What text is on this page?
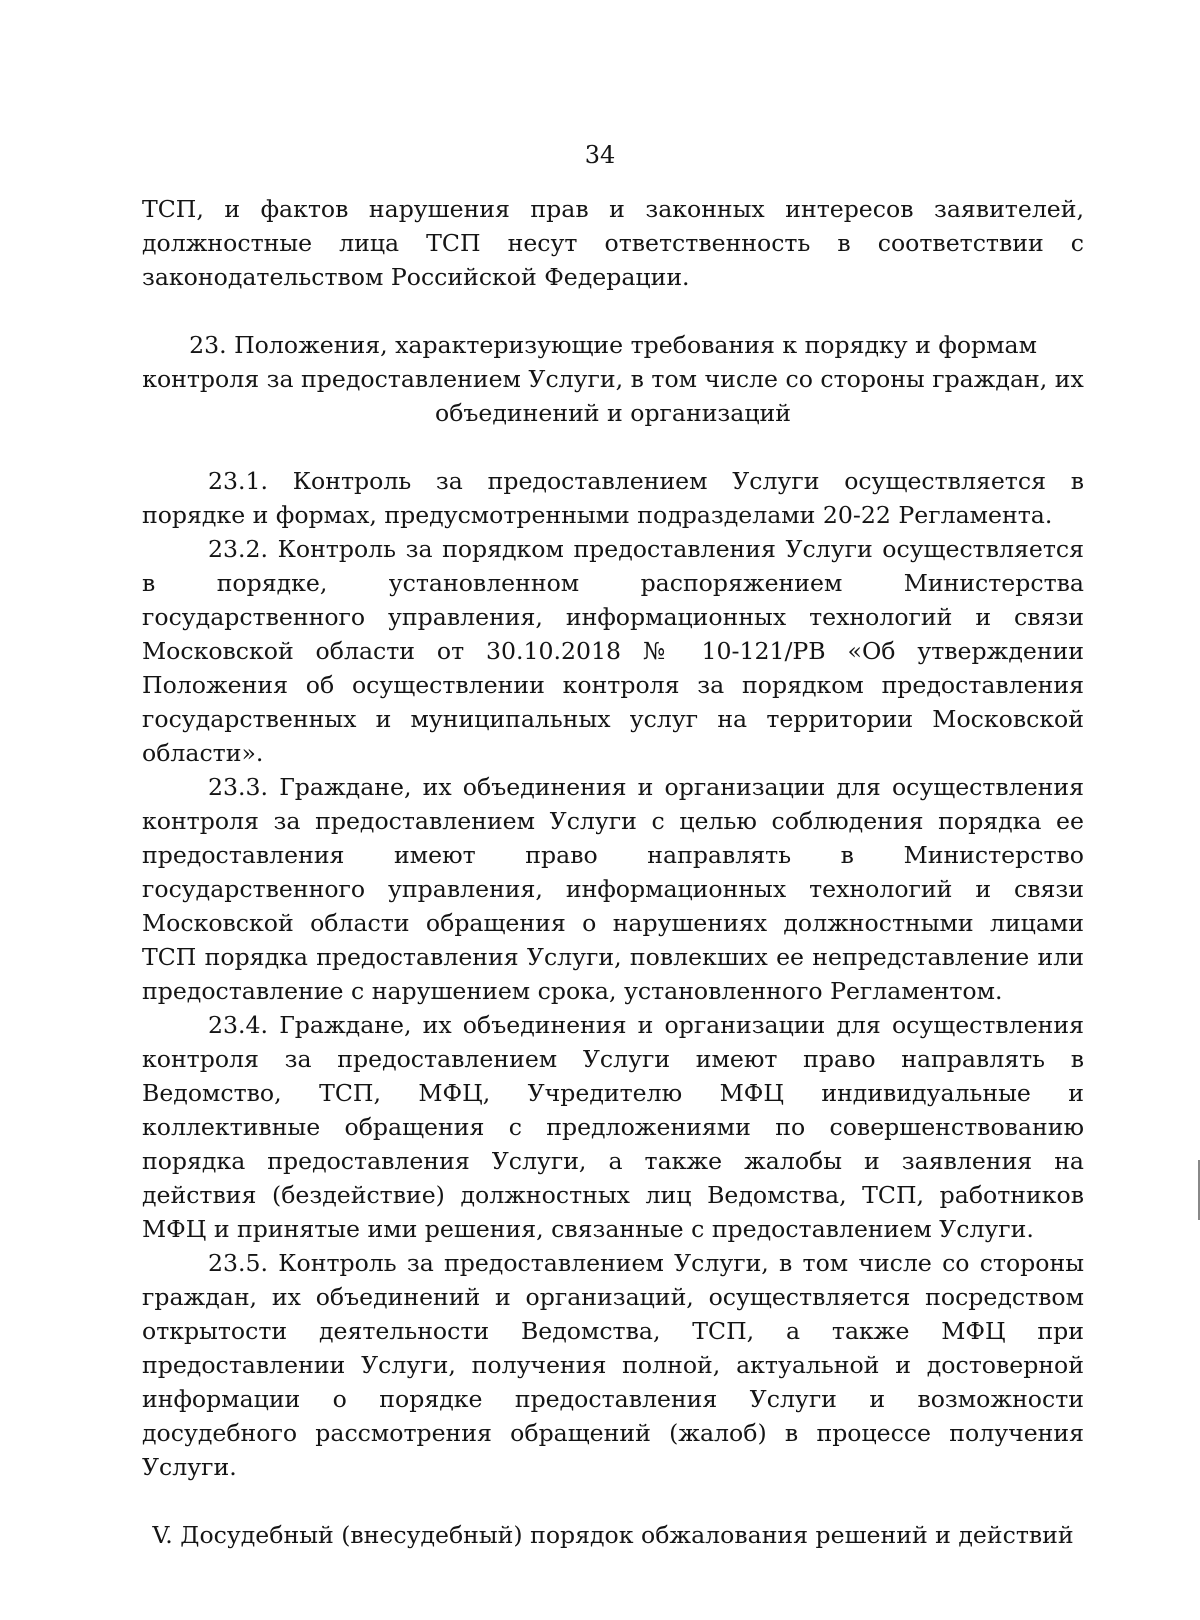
34

ТСП, и фактов нарушения прав и законных интересов заявителей, должностные лица ТСП несут ответственность в соответствии с законодательством Российской Федерации.

23. Положения, характеризующие требования к порядку и формам контроля за предоставлением Услуги, в том числе со стороны граждан, их объединений и организаций

23.1. Контроль за предоставлением Услуги осуществляется в порядке и формах, предусмотренными подразделами 20-22 Регламента.

23.2. Контроль за порядком предоставления Услуги осуществляется в порядке, установленном распоряжением Министерства государственного управления, информационных технологий и связи Московской области от 30.10.2018 № 10-121/РВ «Об утверждении Положения об осуществлении контроля за порядком предоставления государственных и муниципальных услуг на территории Московской области».

23.3. Граждане, их объединения и организации для осуществления контроля за предоставлением Услуги с целью соблюдения порядка ее предоставления имеют право направлять в Министерство государственного управления, информационных технологий и связи Московской области обращения о нарушениях должностными лицами ТСП порядка предоставления Услуги, повлекших ее непредставление или предоставление с нарушением срока, установленного Регламентом.

23.4. Граждане, их объединения и организации для осуществления контроля за предоставлением Услуги имеют право направлять в Ведомство, ТСП, МФЦ, Учредителю МФЦ индивидуальные и коллективные обращения с предложениями по совершенствованию порядка предоставления Услуги, а также жалобы и заявления на действия (бездействие) должностных лиц Ведомства, ТСП, работников МФЦ и принятые ими решения, связанные с предоставлением Услуги.

23.5. Контроль за предоставлением Услуги, в том числе со стороны граждан, их объединений и организаций, осуществляется посредством открытости деятельности Ведомства, ТСП, а также МФЦ при предоставлении Услуги, получения полной, актуальной и достоверной информации о порядке предоставления Услуги и возможности досудебного рассмотрения обращений (жалоб) в процессе получения Услуги.

V. Досудебный (внесудебный) порядок обжалования решений и действий
